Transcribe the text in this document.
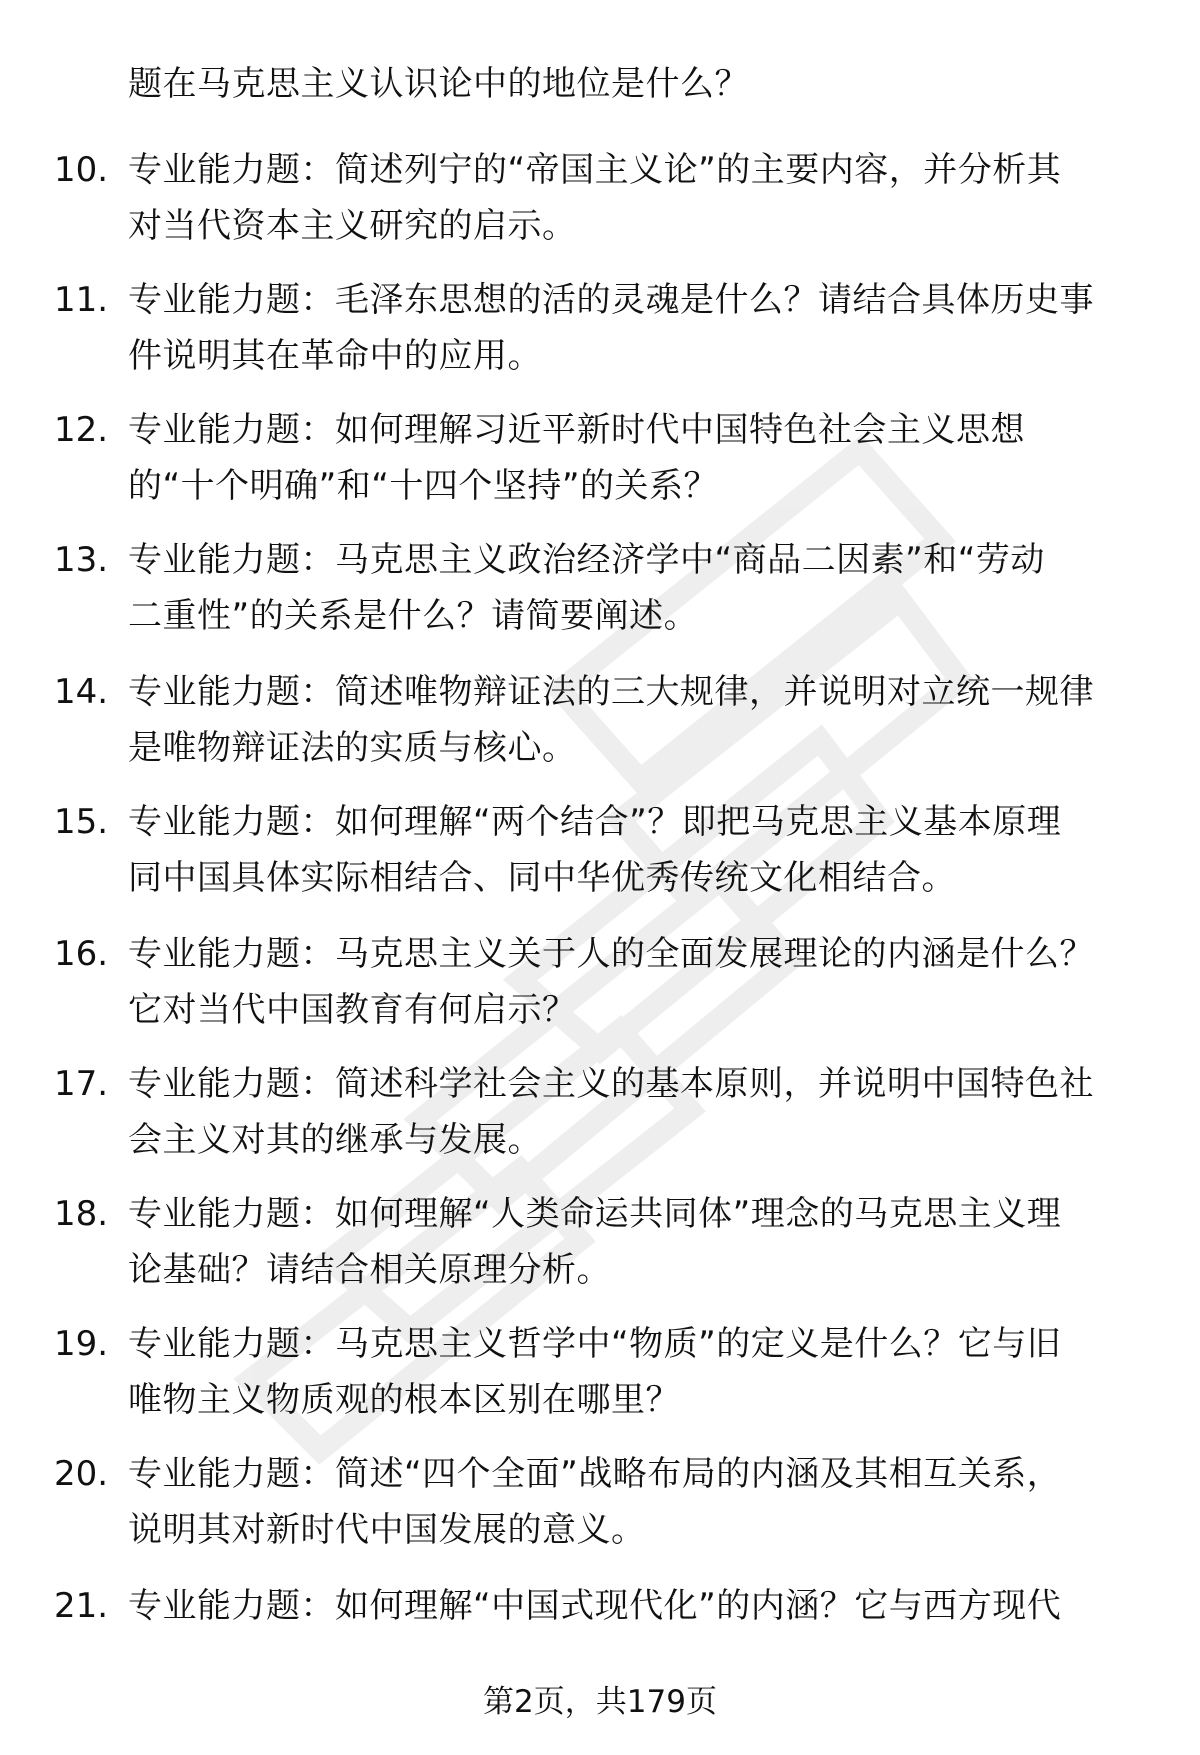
题在马克思主义认识论中的地位是什么？
10. 专业能力题：简述列宁的“帝国主义论”的主要内容，并分析其
对当代资本主义研究的启示。
11. 专业能力题：毛泽东思想的活的灵魂是什么？请结合具体历史事
件说明其在革命中的应用。
12. 专业能力题：如何理解习近平新时代中国特色社会主义思想
的“十个明确”和“十四个坚持”的关系？
13. 专业能力题：马克思主义政治经济学中“商品二因素”和“劳动
二重性”的关系是什么？请简要阐述。
14. 专业能力题：简述唯物辩证法的三大规律，并说明对立统一规律
是唯物辩证法的实质与核心。
15. 专业能力题：如何理解“两个结合”？即把马克思主义基本原理
同中国具体实际相结合、同中华优秀传统文化相结合。
16. 专业能力题：马克思主义关于人的全面发展理论的内涵是什么？
它对当代中国教育有何启示？
17. 专业能力题：简述科学社会主义的基本原则，并说明中国特色社
会主义对其的继承与发展。
18. 专业能力题：如何理解“人类命运共同体”理念的马克思主义理
论基础？请结合相关原理分析。
19. 专业能力题：马克思主义哲学中“物质”的定义是什么？它与旧
唯物主义物质观的根本区别在哪里？
20. 专业能力题：简述“四个全面”战略布局的内涵及其相互关系，
说明其对新时代中国发展的意义。
21. 专业能力题：如何理解“中国式现代化”的内涵？它与西方现代
第2页，共179页
